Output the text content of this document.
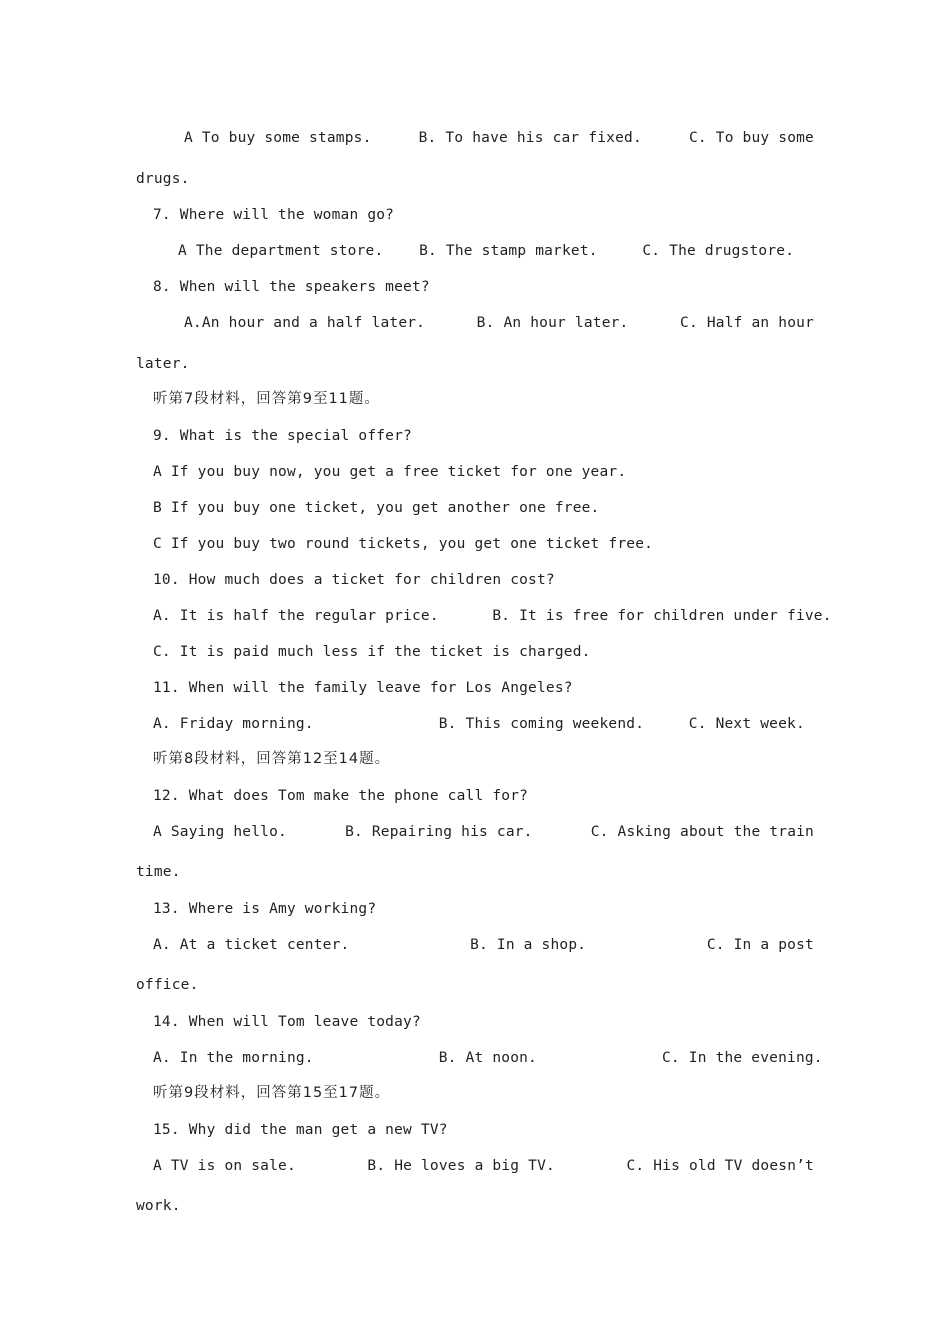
A To buy some stamps.	B. To have his car fixed.	C. To buy some
drugs.
7. Where will the woman go?
A The department store.    B. The stamp market.     C. The drugstore.
8. When will the speakers meet?
A.An hour and a half later.	B. An hour later.	C. Half an hour
later.
听第7段材料，回答第9至11题。
9. What is the special offer?
A If you buy now, you get a free ticket for one year.
B If you buy one ticket, you get another one free.
C If you buy two round tickets, you get one ticket free.
10. How much does a ticket for children cost?
A. It is half the regular price.      B. It is free for children under five.
C. It is paid much less if the ticket is charged.
11. When will the family leave for Los Angeles?
A. Friday morning.              B. This coming weekend.     C. Next week.
听第8段材料，回答第12至14题。
12. What does Tom make the phone call for?
A Saying hello.	B. Repairing his car.	C. Asking about the train
time.
13. Where is Amy working?
A. At a ticket center.	B. In a shop.	C. In a post
office.
14. When will Tom leave today?
A. In the morning.              B. At noon.              C. In the evening.
听第9段材料，回答第15至17题。
15. Why did the man get a new TV?
A TV is on sale.	B. He loves a big TV.	C. His old TV doesn’t
work.
